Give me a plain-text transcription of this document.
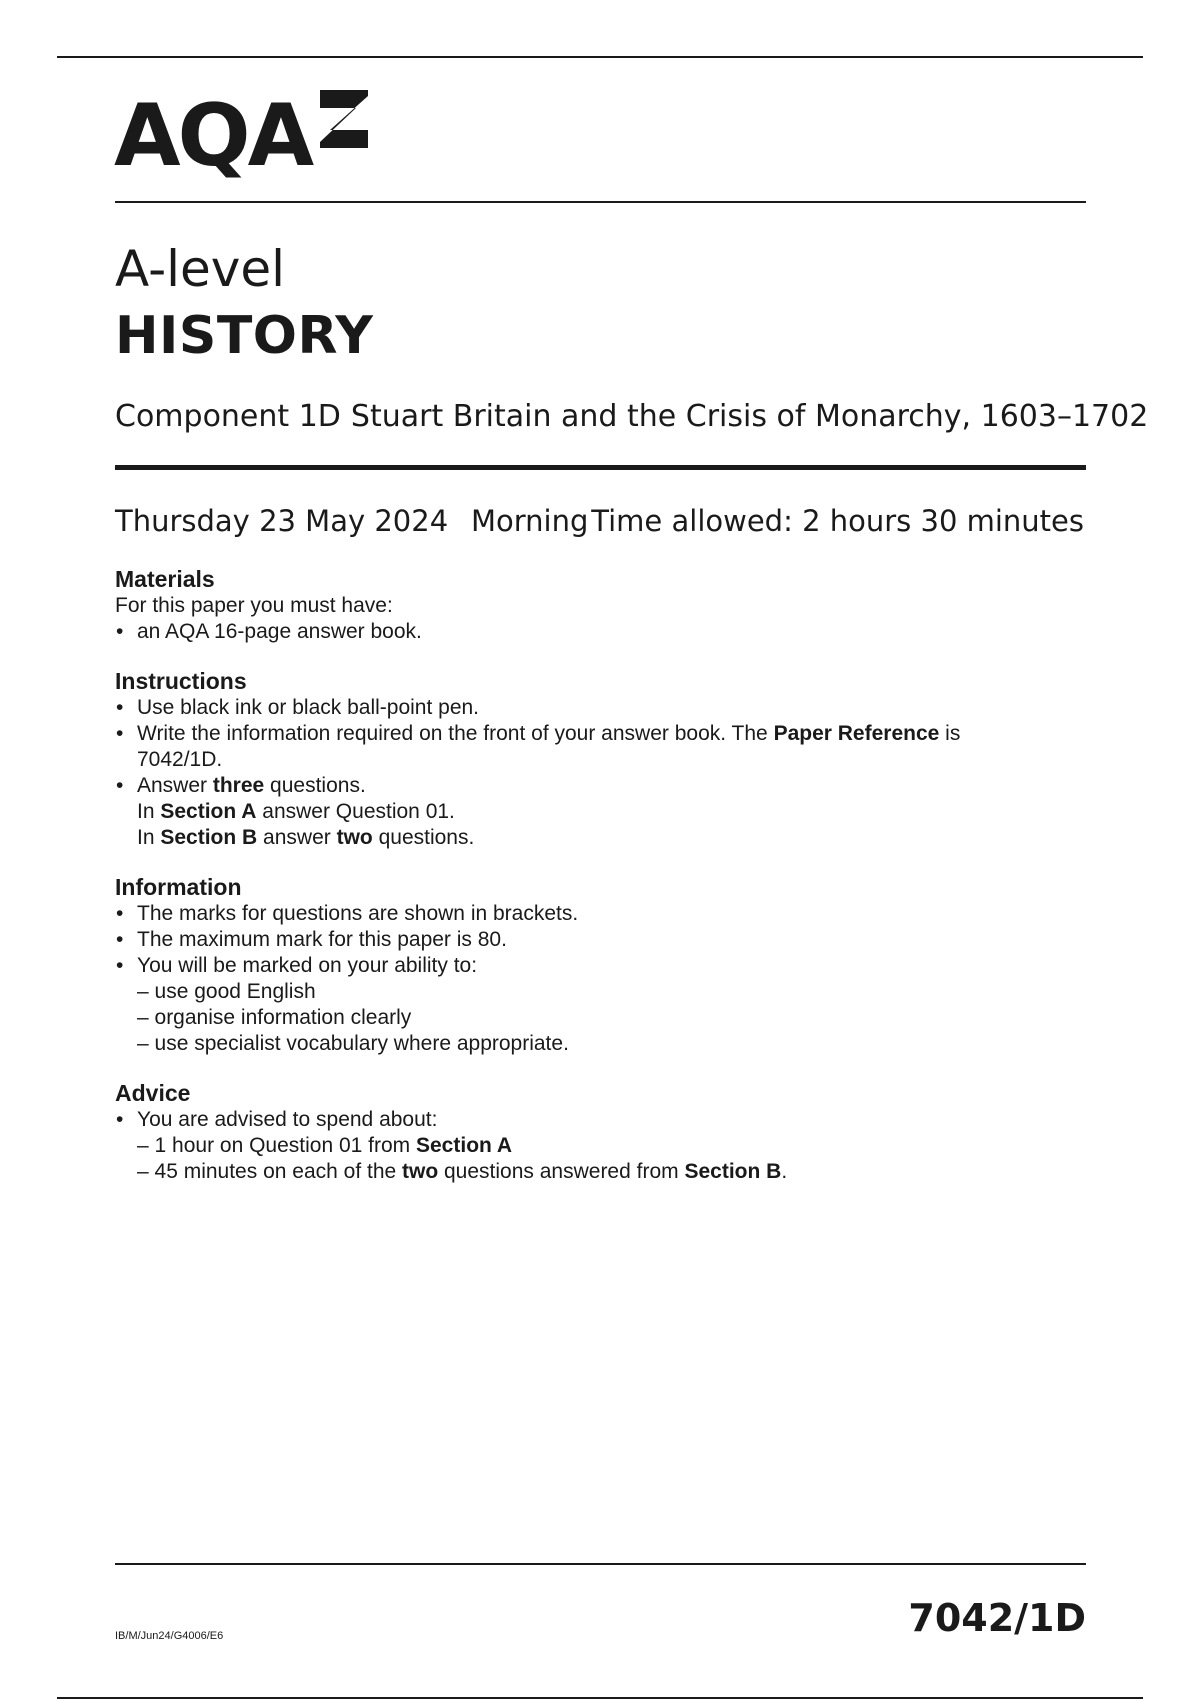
AQA
A-level
HISTORY
Component 1D Stuart Britain and the Crisis of Monarchy, 1603–1702
Thursday 23 May 2024 Morning Time allowed: 2 hours 30 minutes
Materials
For this paper you must have:
• an AQA 16-page answer book.
Instructions
• Use black ink or black ball-point pen.
• Write the information required on the front of your answer book. The Paper Reference is
7042/1D.
• Answer three questions.
In Section A answer Question 01.
In Section B answer two questions.
Information
• The marks for questions are shown in brackets.
• The maximum mark for this paper is 80.
• You will be marked on your ability to:
– use good English
– organise information clearly
– use specialist vocabulary where appropriate.
Advice
• You are advised to spend about:
– 1 hour on Question 01 from Section A
– 45 minutes on each of the two questions answered from Section B.
IB/M/Jun24/G4006/E6	7042/1D
